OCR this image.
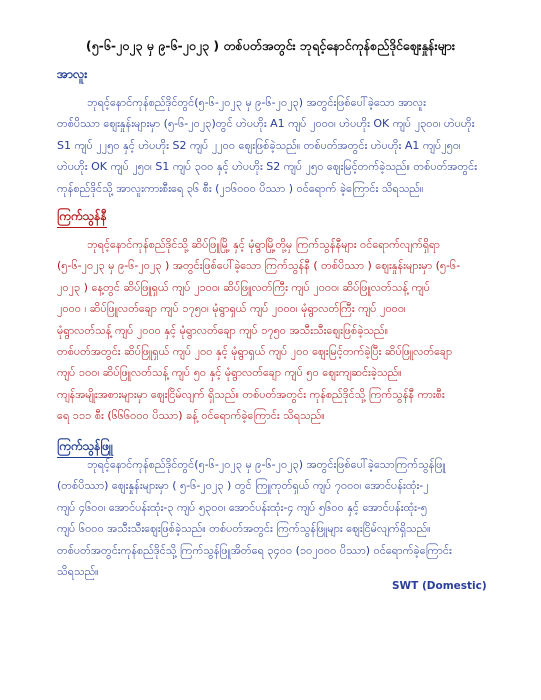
(၅-၆-၂၀၂၃ မှ ၉-၆-၂၀၂၃ ) တစ်ပတ်အတွင်း ဘုရင့်နောင်ကုန်စည်ဒိုင်ဈေးနှုန်းများ
အာလူး
ဘုရင့်နောင်ကုန်စည်ဒိုင်တွင်(၅-၆-၂၀၂၃ မှ ၉-၆-၂၀၂၃) အတွင်းဖြစ်ပေါ်ခဲ့သော အာလူး
တစ်ပိဿာ ဈေးနှုန်းများမှာ (၅-၆-၂၀၂၃)တွင် ဟဲပဟိုး A1 ကျပ် ၂၀၀၀၊ ဟဲပဟိုး OK ကျပ် ၂၃၀၀၊ ဟဲပဟိုး
S1 ကျပ် ၂၂၅၀ နှင့် ဟဲပဟိုး S2 ကျပ် ၂၂၀၀ ဈေးဖြစ်ခဲ့သည်။ တစ်ပတ်အတွင်း ဟဲပဟိုး A1 ကျပ်၂၅၀၊
ဟဲပဟိုး OK ကျပ် ၂၅၀၊ S1 ကျပ် ၃၀၀ နှင့် ဟဲပဟိုး S2 ကျပ် ၂၅၀ ဈေးမြင့်တက်ခဲ့သည်။ တစ်ပတ်အတွင်း
ကုန်စည်ဒိုင်သို့ အာလူးကားစီးရေ ၃၆ စီး (၂၁၆၀၀၀ ပိဿာ ) ဝင်ရောက် ခဲ့ကြောင်း သိရသည်။
ကြက်သွန်နီ
ဘုရင့်နောင်ကုန်စည်ဒိုင်သို့ ဆိပ်ဖြူမြို့ နှင့် မုံရွာမြို့တို့မှ ကြက်သွန်နီများ ဝင်ရောက်လျက်ရှိရာ
(၅-၆-၂၀၂၃ မှ ၉-၆-၂၀၂၃ ) အတွင်းဖြစ်ပေါ်ခဲ့သော ကြက်သွန်နီ ( တစ်ပိဿာ ) ဈေးနှုန်းများမှာ (၅-၆-
၂၀၂၃ ) နေ့တွင် ဆိပ်ဖြူရှယ် ကျပ် ၂၁၀၀၊ ဆိပ်ဖြူလတ်ကြီး ကျပ် ၂၀၀၀၊ ဆိပ်ဖြူလတ်သန့် ကျပ်
၂၀၀၀ ၊ ဆိပ်ဖြူလတ်ချော ကျပ် ၁၇၅၀၊ မုံရွာရှယ် ကျပ် ၂၀၀၀၊ မုံရွာလတ်ကြီး ကျပ် ၂၀၀၀၊
မုံရွာလတ်သန့် ကျပ် ၂၀၀၀ နှင့် မုံရွာလတ်ချော ကျပ် ၁၇၅၀ အသီးသီးဈေးဖြစ်ခဲ့သည်။
တစ်ပတ်အတွင်း ဆိပ်ဖြူရှယ် ကျပ် ၂၀၀ နှင့် မုံရွာရှယ် ကျပ် ၂၀၀ ဈေးမြင့်တက်ခဲ့ပြီး ဆိပ်ဖြူလတ်ချော
ကျပ် ၁၀၀၊ ဆိပ်ဖြူလတ်သန့် ကျပ် ၅၀ နှင့် မုံရွာလတ်ချော ကျပ် ၅၀ ဈေးကျဆင်းခဲ့သည်။
ကျန်အမျိုးအစားများမှာ ဈေးငြိမ်လျက် ရှိသည်။ တစ်ပတ်အတွင်း ကုန်စည်ဒိုင်သို့ ကြက်သွန်နီ ကားစီး
ရေ ၁၁၁ စီး (၆၆၆၀၀၀ ပိဿာ) ခန့် ဝင်ရောက်ခဲ့ကြောင်း သိရသည်။
ကြက်သွန်ဖြူ
ဘုရင့်နောင်ကုန်စည်ဒိုင်တွင်(၅-၆-၂၀၂၃ မှ ၉-၆-၂၀၂၃) အတွင်းဖြစ်ပေါ်ခဲ့သောကြက်သွန်ဖြူ
(တစ်ပိဿာ) ဈေးနှုန်းများမှာ ( ၅-၆-၂၀၂၃ ) တွင် ကြူကုတ်ရှယ် ကျပ် ၇၀၀၀၊ အောင်ပန်းထုံး-၂
ကျပ် ၄၆၀၀၊ အောင်ပန်းထုံး-၃ ကျပ် ၅၃၀၀၊ အောင်ပန်းထုံး-၄ ကျပ် ၅၆၀၀ နှင့် အောင်ပန်းထုံး-၅
ကျပ် ၆၀၀၀ အသီးသီးဈေးဖြစ်ခဲ့သည်။ တစ်ပတ်အတွင်း ကြက်သွန်ဖြူများ ဈေးငြိမ်လျက်ရှိသည်။
တစ်ပတ်အတွင်းကုန်စည်ဒိုင်သို့ ကြက်သွန်ဖြူအိတ်ရေ ၃၄၀၀ (၁၀၂၀၀၀ ပိဿာ) ဝင်ရောက်ခဲ့ကြောင်း
သိရသည်။
SWT (Domestic)
